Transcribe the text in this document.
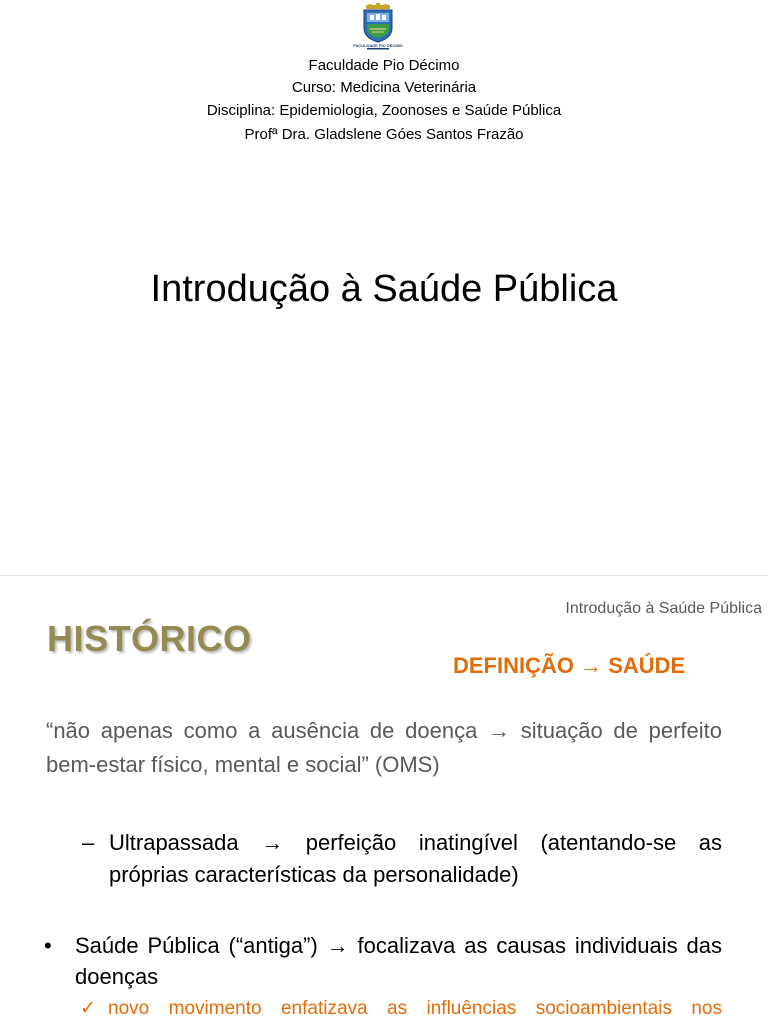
FACULDADE PIO DÉCIMO
Faculdade Pio Décimo
Curso: Medicina Veterinária
Disciplina: Epidemiologia, Zoonoses e Saúde Pública
Profª Dra. Gladslene Góes Santos Frazão
Introdução à Saúde Pública
Introdução à Saúde Pública
HISTÓRICO
DEFINIÇÃO → SAÚDE
“não apenas como a ausência de doença → situação de perfeito bem-estar físico, mental e social” (OMS)
– Ultrapassada → perfeição inatingível (atentando-se as próprias características da personalidade)
•	Saúde Pública (“antiga”) → focalizava as causas individuais das doenças
✓ novo movimento enfatizava as influências socioambientais nos
